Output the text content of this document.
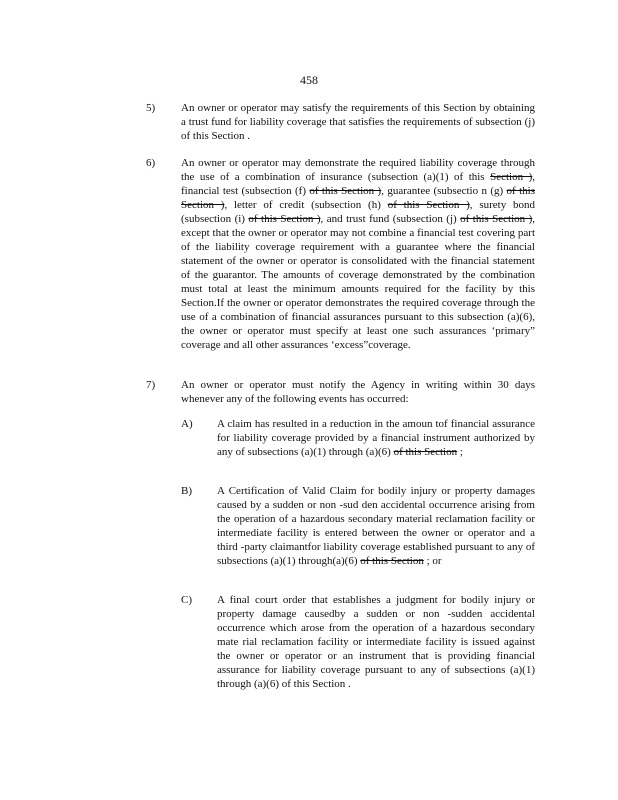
458
5) An owner or operator may satisfy the requirements of this Section by obtaining a trust fund for liability coverage that satisfies the requirements of subsection (j) of this Section .

6) An owner or operator may demonstrate the required liability coverage through the use of a combination of insurance (subsection (a)(1) of this Section ), financial test (subsection (f) of this Section ), guarantee (subsectio n (g) of this Section ), letter of credit (subsection (h) of this Section ), surety bond (subsection (i) of this Section ), and trust fund (subsection (j) of this Section ), except that the owner or operator may not combine a financial test covering part of the liability coverage requirement with a guarantee where the financial statement of the owner or operator is consolidated with the financial statement of the guarantor. The amounts of coverage demonstrated by the combination must total at least the minimum amounts required for the facility by this Section.If the owner or operator demonstrates the required coverage through the use of a combination of financial assurances pursuant to this subsection (a)(6), the owner or operator must specify at least one such assurances ‘primary” coverage and all other assurances ‘excess”coverage.

7) An owner or operator must notify the Agency in writing within 30 days whenever any of the following events has occurred:

A) A claim has resulted in a reduction in the amoun tof financial assurance for liability coverage provided by a financial instrument authorized by any of subsections (a)(1) through (a)(6) of this Section ;

B) A Certification of Valid Claim for bodily injury or property damages caused by a sudden or non -sud den accidental occurrence arising from the operation of a hazardous secondary material reclamation facility or intermediate facility is entered between the owner or operator and a third -party claimantfor liability coverage established pursuant to any of subsections (a)(1) through(a)(6) of this Section ; or

C) A final court order that establishes a judgment for bodily injury or property damage causedby a sudden or non -sudden accidental occurrence which arose from the operation of a hazardous secondary mate rial reclamation facility or intermediate facility is issued against the owner or operator or an instrument that is providing financial assurance for liability coverage pursuant to any of subsections (a)(1) through (a)(6) of this Section .
